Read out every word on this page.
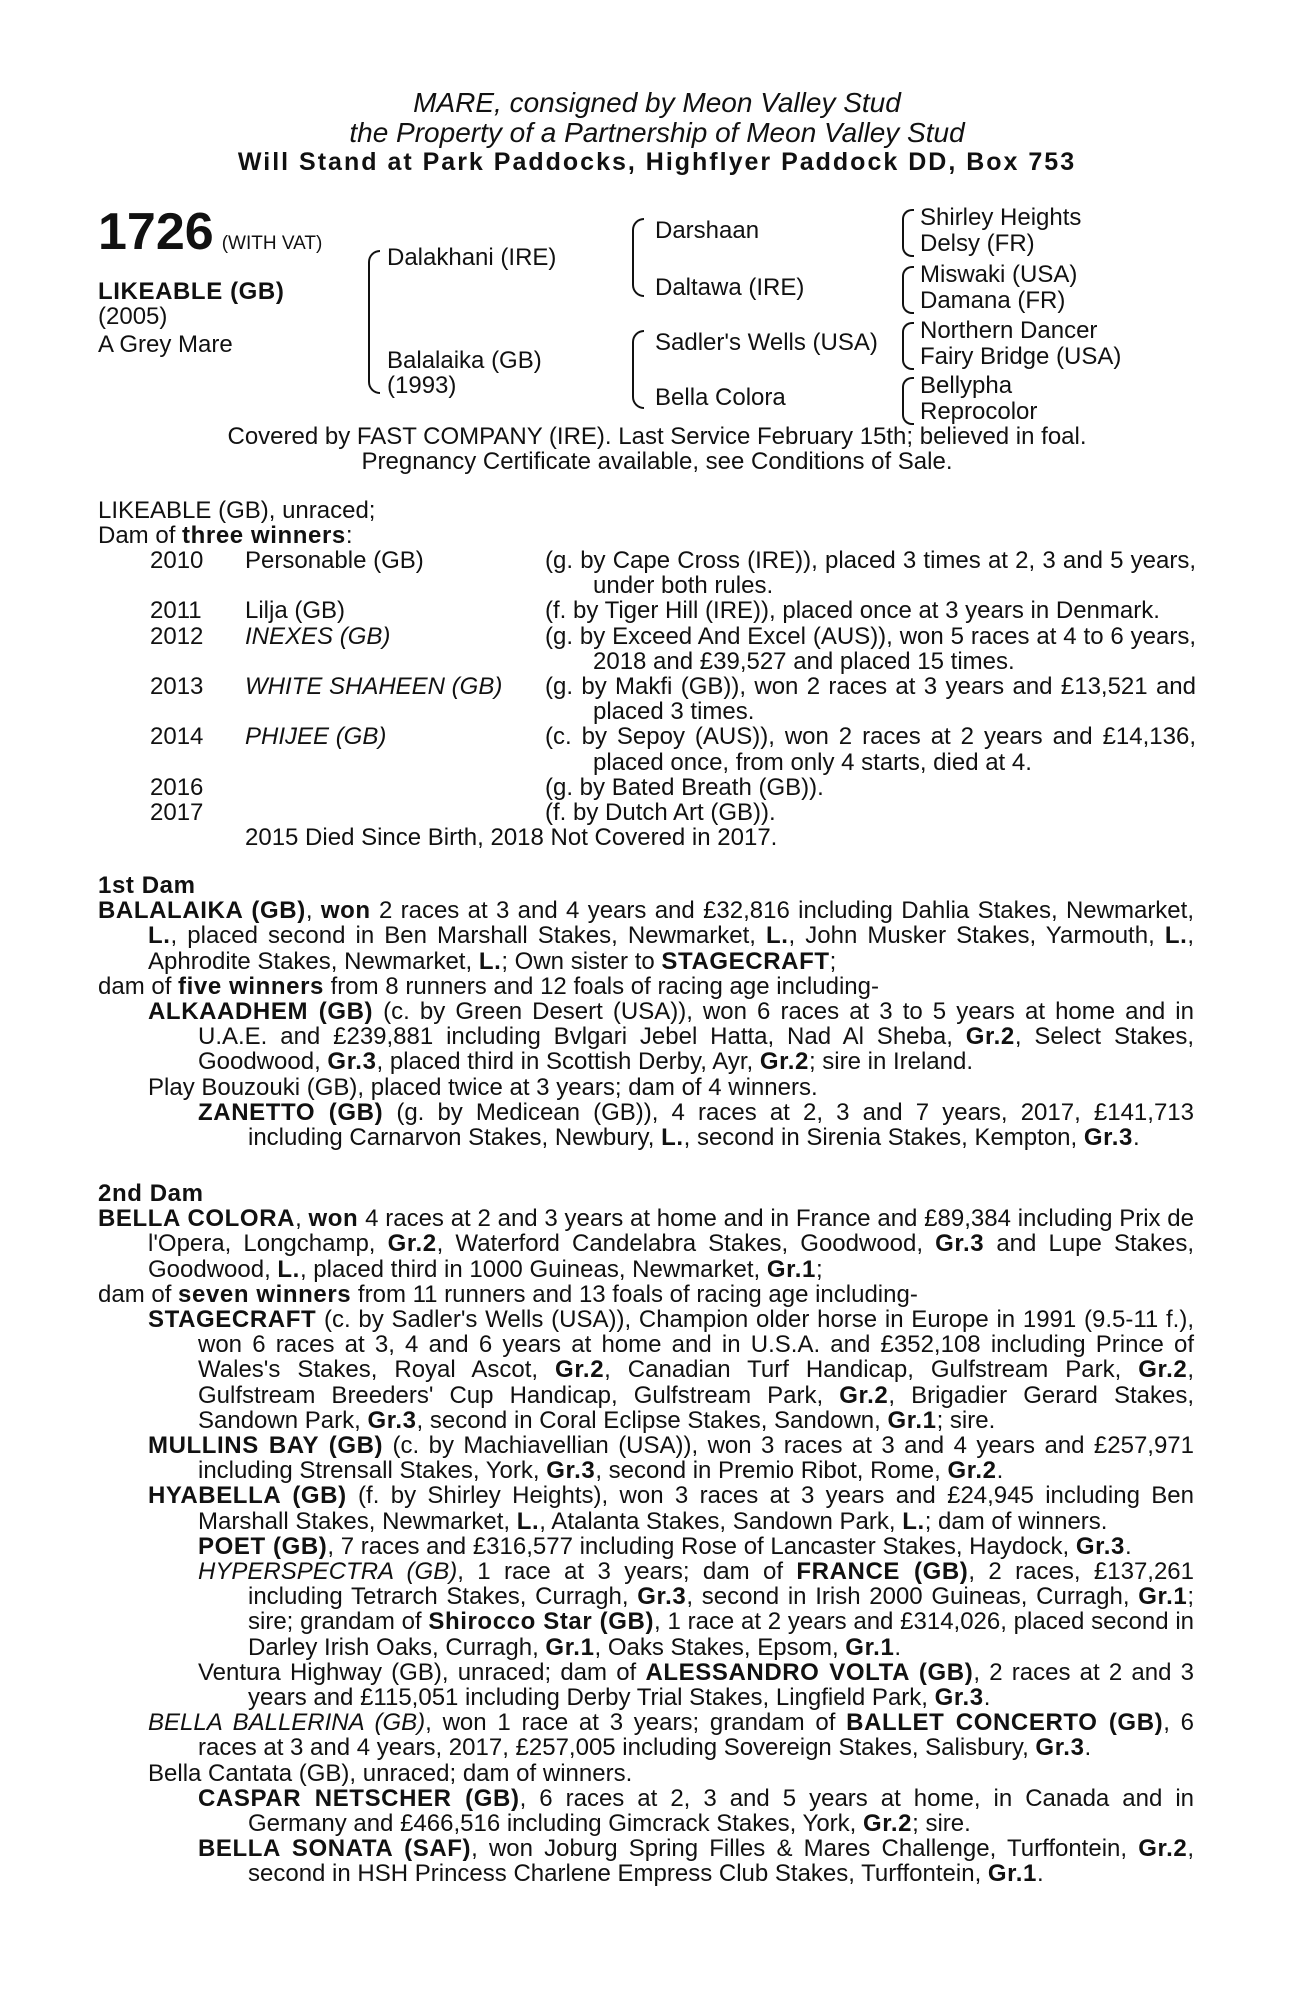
MARE, consigned by Meon Valley Stud
the Property of a Partnership of Meon Valley Stud
Will Stand at Park Paddocks, Highflyer Paddock DD, Box 753
1726 (WITH VAT)
LIKEABLE (GB)
(2005)
A Grey Mare
Dalakhani (IRE)
Balalaika (GB)
(1993)
Darshaan
Daltawa (IRE)
Sadler's Wells (USA)
Bella Colora
Shirley Heights
Delsy (FR)
Miswaki (USA)
Damana (FR)
Northern Dancer
Fairy Bridge (USA)
Bellypha
Reprocolor
Covered by FAST COMPANY (IRE). Last Service February 15th; believed in foal.
Pregnancy Certificate available, see Conditions of Sale.
LIKEABLE (GB), unraced;
Dam of three winners:
2010 Personable (GB)	(g. by Cape Cross (IRE)), placed 3 times at 2, 3 and 5 years, under both rules.
2011 Lilja (GB)	(f. by Tiger Hill (IRE)), placed once at 3 years in Denmark.
2012 INEXES (GB)	(g. by Exceed And Excel (AUS)), won 5 races at 4 to 6 years, 2018 and £39,527 and placed 15 times.
2013 WHITE SHAHEEN (GB) (g. by Makfi (GB)), won 2 races at 3 years and £13,521 and placed 3 times.
2014 PHIJEE (GB)	(c. by Sepoy (AUS)), won 2 races at 2 years and £14,136, placed once, from only 4 starts, died at 4.
2016	(g. by Bated Breath (GB)).
2017	(f. by Dutch Art (GB)).
2015 Died Since Birth, 2018 Not Covered in 2017.
1st Dam

BALALAIKA (GB), won 2 races at 3 and 4 years and £32,816 including Dahlia Stakes, Newmarket, L., placed second in Ben Marshall Stakes, Newmarket, L., John Musker Stakes, Yarmouth, L., Aphrodite Stakes, Newmarket, L.; Own sister to STAGECRAFT;

dam of five winners from 8 runners and 12 foals of racing age including-

ALKAADHEM (GB) (c. by Green Desert (USA)), won 6 races at 3 to 5 years at home and in U.A.E. and £239,881 including Bvlgari Jebel Hatta, Nad Al Sheba, Gr.2, Select Stakes, Goodwood, Gr.3, placed third in Scottish Derby, Ayr, Gr.2; sire in Ireland.

Play Bouzouki (GB), placed twice at 3 years; dam of 4 winners.

ZANETTO (GB) (g. by Medicean (GB)), 4 races at 2, 3 and 7 years, 2017, £141,713 including Carnarvon Stakes, Newbury, L., second in Sirenia Stakes, Kempton, Gr.3.

2nd Dam

BELLA COLORA, won 4 races at 2 and 3 years at home and in France and £89,384 including Prix de l'Opera, Longchamp, Gr.2, Waterford Candelabra Stakes, Goodwood, Gr.3 and Lupe Stakes, Goodwood, L., placed third in 1000 Guineas, Newmarket, Gr.1;

dam of seven winners from 11 runners and 13 foals of racing age including-

STAGECRAFT (c. by Sadler's Wells (USA)), Champion older horse in Europe in 1991 (9.5-11 f.), won 6 races at 3, 4 and 6 years at home and in U.S.A. and £352,108 including Prince of Wales's Stakes, Royal Ascot, Gr.2, Canadian Turf Handicap, Gulfstream Park, Gr.2, Gulfstream Breeders' Cup Handicap, Gulfstream Park, Gr.2, Brigadier Gerard Stakes, Sandown Park, Gr.3, second in Coral Eclipse Stakes, Sandown, Gr.1; sire.

MULLINS BAY (GB) (c. by Machiavellian (USA)), won 3 races at 3 and 4 years and £257,971 including Strensall Stakes, York, Gr.3, second in Premio Ribot, Rome, Gr.2.

HYABELLA (GB) (f. by Shirley Heights), won 3 races at 3 years and £24,945 including Ben Marshall Stakes, Newmarket, L., Atalanta Stakes, Sandown Park, L.; dam of winners.

POET (GB), 7 races and £316,577 including Rose of Lancaster Stakes, Haydock, Gr.3.

HYPERSPECTRA (GB), 1 race at 3 years; dam of FRANCE (GB), 2 races, £137,261 including Tetrarch Stakes, Curragh, Gr.3, second in Irish 2000 Guineas, Curragh, Gr.1; sire; grandam of Shirocco Star (GB), 1 race at 2 years and £314,026, placed second in Darley Irish Oaks, Curragh, Gr.1, Oaks Stakes, Epsom, Gr.1.

Ventura Highway (GB), unraced; dam of ALESSANDRO VOLTA (GB), 2 races at 2 and 3 years and £115,051 including Derby Trial Stakes, Lingfield Park, Gr.3.

BELLA BALLERINA (GB), won 1 race at 3 years; grandam of BALLET CONCERTO (GB), 6 races at 3 and 4 years, 2017, £257,005 including Sovereign Stakes, Salisbury, Gr.3.

Bella Cantata (GB), unraced; dam of winners.

CASPAR NETSCHER (GB), 6 races at 2, 3 and 5 years at home, in Canada and in Germany and £466,516 including Gimcrack Stakes, York, Gr.2; sire.

BELLA SONATA (SAF), won Joburg Spring Filles & Mares Challenge, Turffontein, Gr.2, second in HSH Princess Charlene Empress Club Stakes, Turffontein, Gr.1.
